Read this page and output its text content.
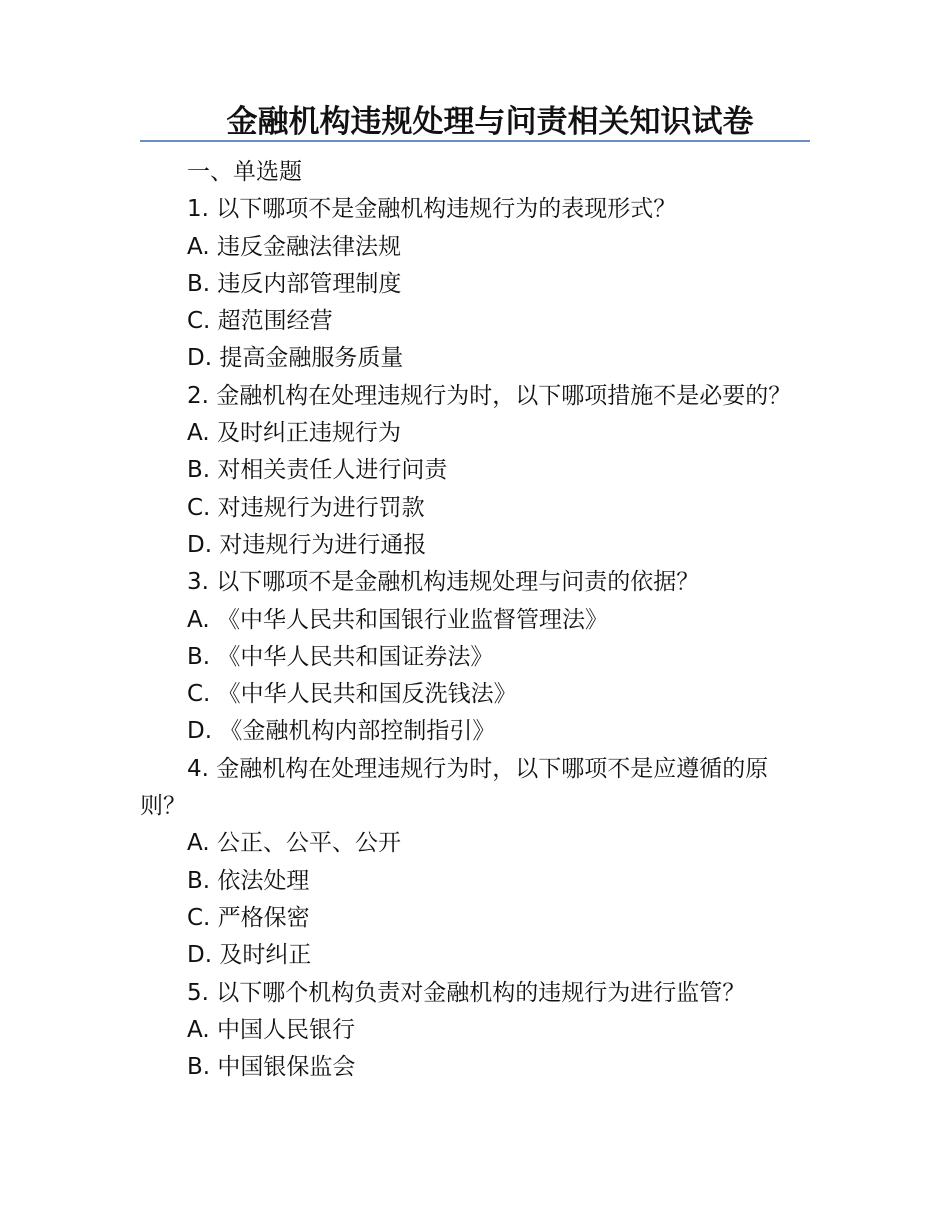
金融机构违规处理与问责相关知识试卷
一、单选题
1. 以下哪项不是金融机构违规行为的表现形式？
A. 违反金融法律法规
B. 违反内部管理制度
C. 超范围经营
D. 提高金融服务质量
2. 金融机构在处理违规行为时，以下哪项措施不是必要的？
A. 及时纠正违规行为
B. 对相关责任人进行问责
C. 对违规行为进行罚款
D. 对违规行为进行通报
3. 以下哪项不是金融机构违规处理与问责的依据？
A. 《中华人民共和国银行业监督管理法》
B. 《中华人民共和国证券法》
C. 《中华人民共和国反洗钱法》
D. 《金融机构内部控制指引》
4. 金融机构在处理违规行为时，以下哪项不是应遵循的原则？
A. 公正、公平、公开
B. 依法处理
C. 严格保密
D. 及时纠正
5. 以下哪个机构负责对金融机构的违规行为进行监管？
A. 中国人民银行
B. 中国银保监会
